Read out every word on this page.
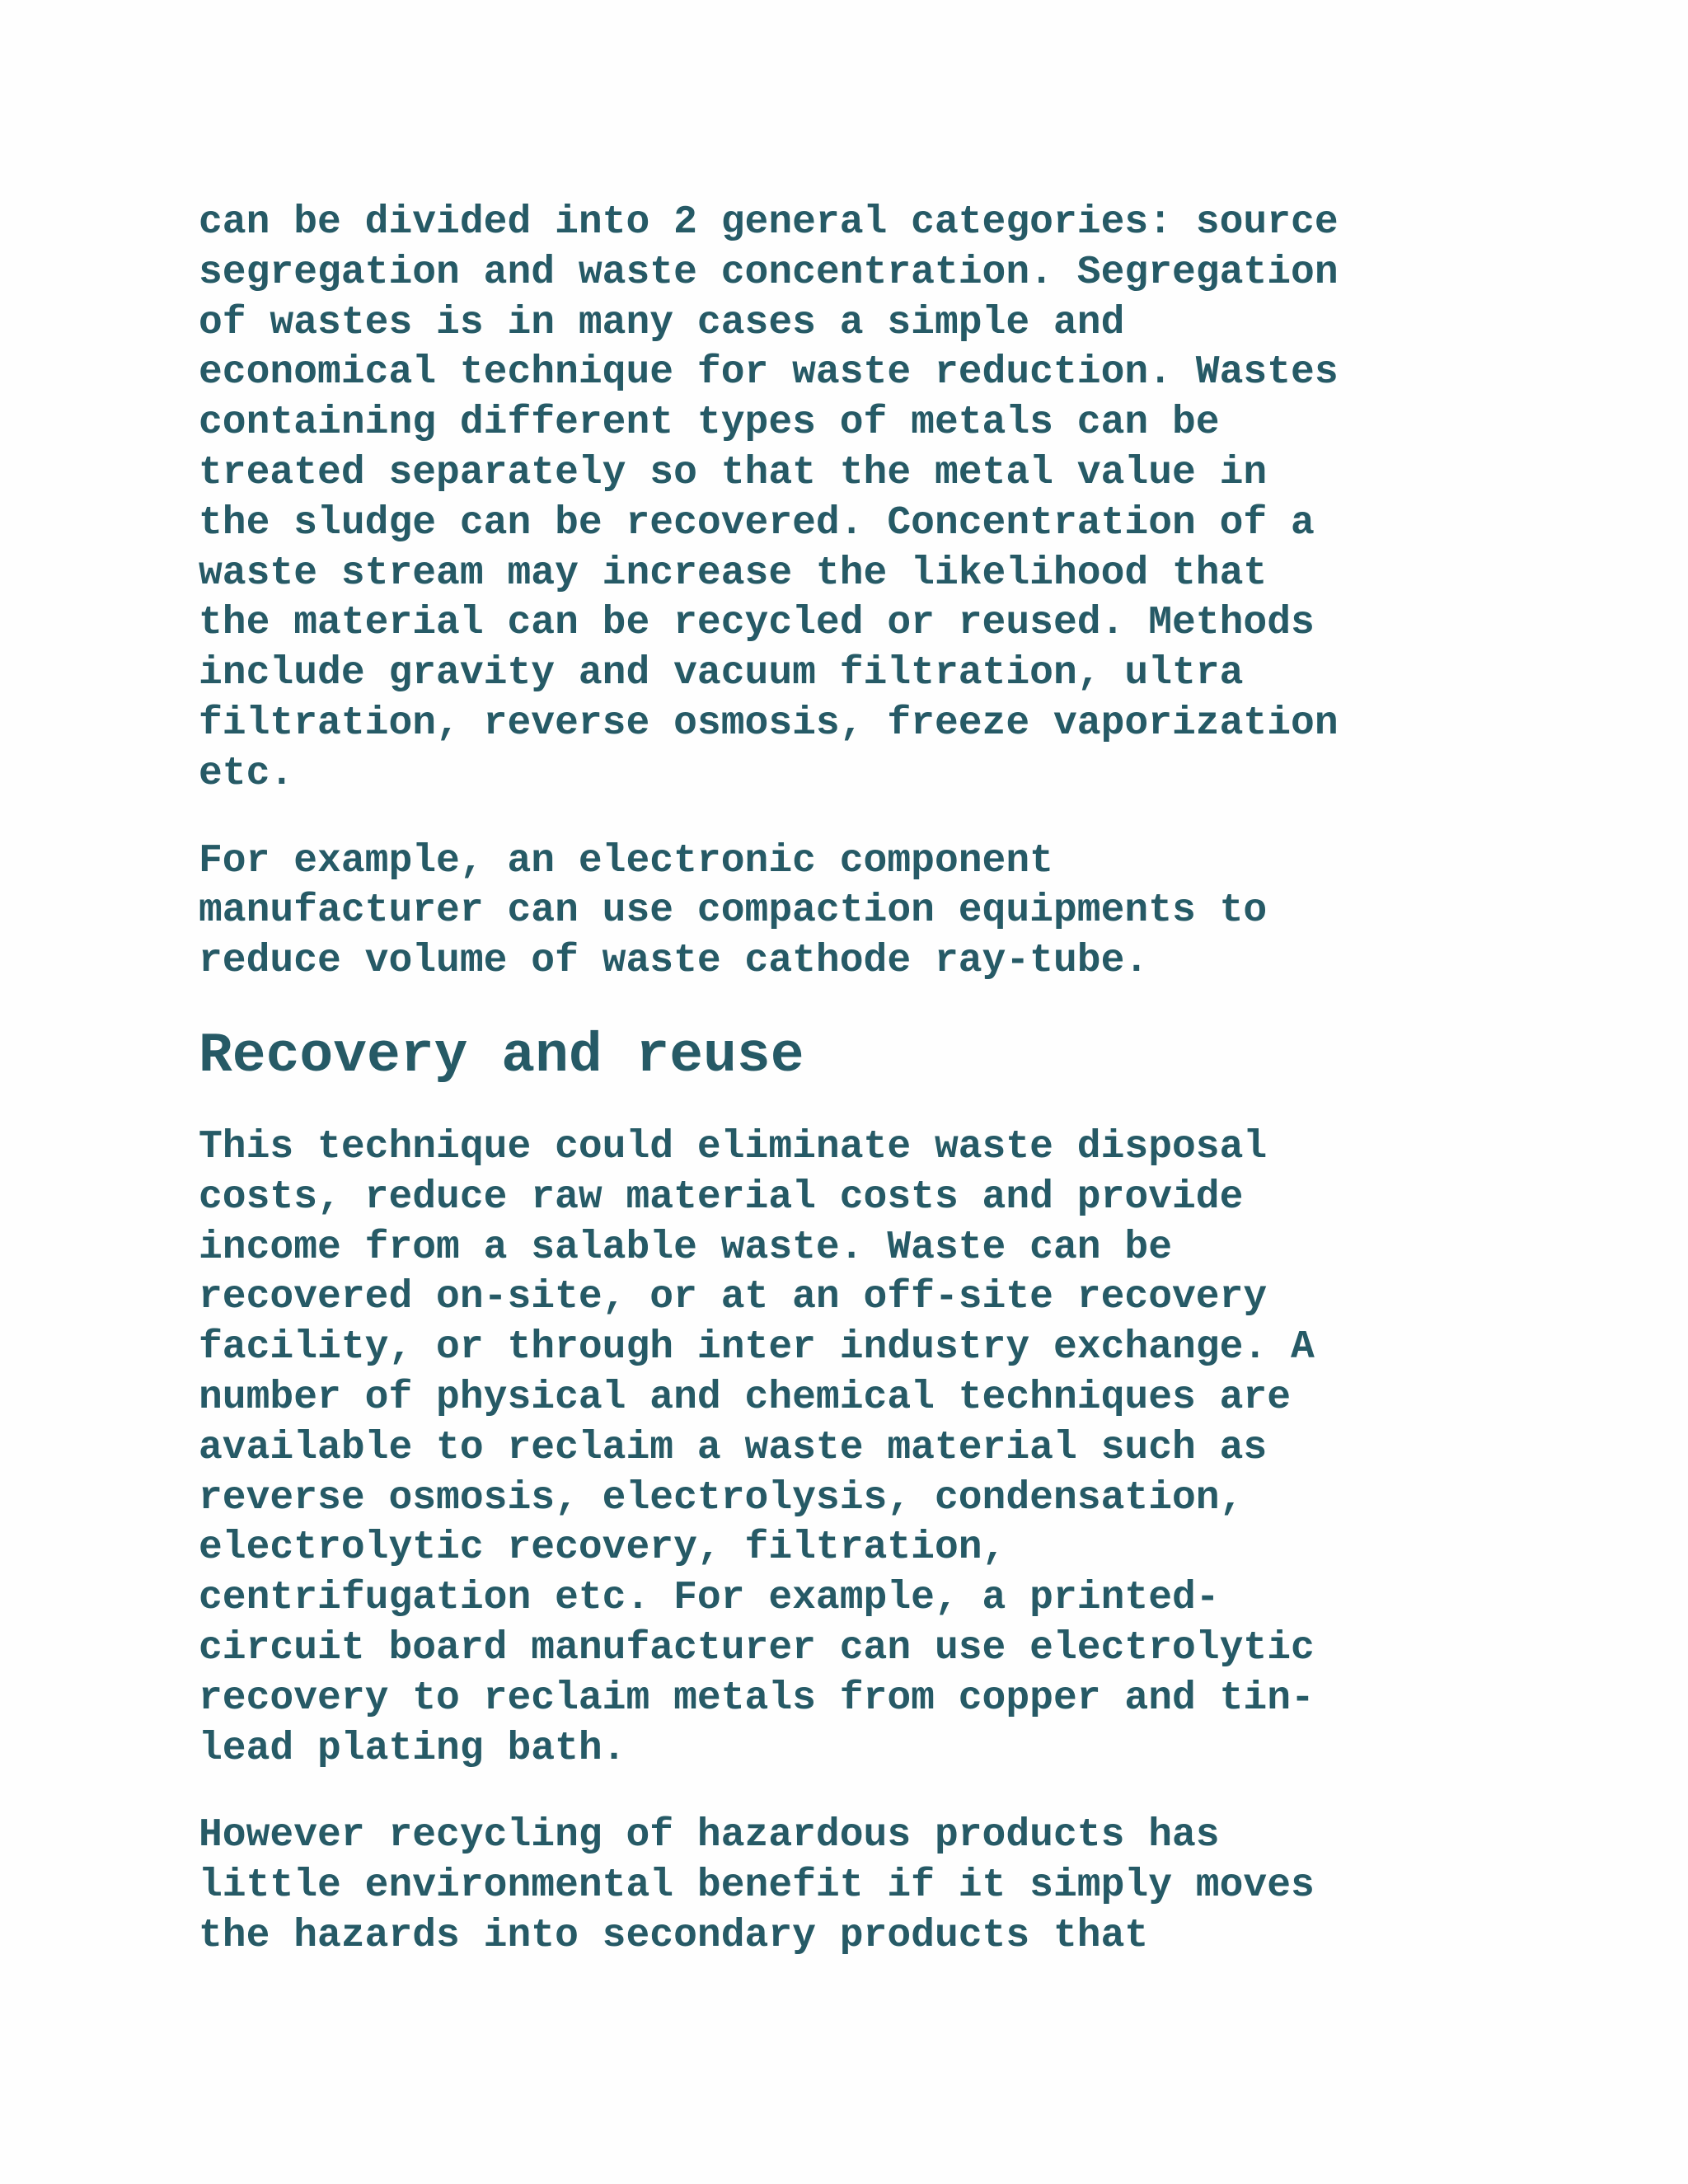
can be divided into 2 general categories: source
segregation and waste concentration. Segregation
of wastes is in many cases a simple and
economical technique for waste reduction. Wastes
containing different types of metals can be
treated separately so that the metal value in
the sludge can be recovered. Concentration of a
waste stream may increase the likelihood that
the material can be recycled or reused. Methods
include gravity and vacuum filtration, ultra
filtration, reverse osmosis, freeze vaporization
etc.

For example, an electronic component
manufacturer can use compaction equipments to
reduce volume of waste cathode ray-tube.

Recovery and reuse

This technique could eliminate waste disposal
costs, reduce raw material costs and provide
income from a salable waste. Waste can be
recovered on-site, or at an off-site recovery
facility, or through inter industry exchange. A
number of physical and chemical techniques are
available to reclaim a waste material such as
reverse osmosis, electrolysis, condensation,
electrolytic recovery, filtration,
centrifugation etc. For example, a printed-
circuit board manufacturer can use electrolytic
recovery to reclaim metals from copper and tin-
lead plating bath.

However recycling of hazardous products has
little environmental benefit if it simply moves
the hazards into secondary products that
